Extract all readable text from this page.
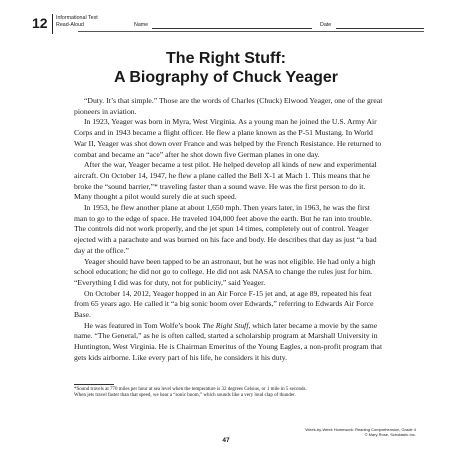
12 Informational Text
Read-Aloud	Name	Date
The Right Stuff:
A Biography of Chuck Yeager

“Duty. It’s that simple.” Those are the words of Charles (Chuck) Elwood Yeager, one of the great pioneers in aviation.

In 1923, Yeager was born in Myra, West Virginia. As a young man he joined the U.S. Army Air Corps and in 1943 became a flight officer. He flew a plane known as the P-51 Mustang. In World War II, Yeager was shot down over France and was helped by the French Resistance. He returned to combat and became an “ace” after he shot down five German planes in one day.

After the war, Yeager became a test pilot. He helped develop all kinds of new and experimental aircraft. On October 14, 1947, he flew a plane called the Bell X-1 at Mach 1. This means that he broke the “sound barrier,”* traveling faster than a sound wave. He was the first person to do it. Many thought a pilot would surely die at such speed.

In 1953, he flew another plane at about 1,650 mph. Then years later, in 1963, he was the first man to go to the edge of space. He traveled 104,000 feet above the earth. But he ran into trouble. The controls did not work properly, and the jet spun 14 times, completely out of control. Yeager ejected with a parachute and was burned on his face and body. He describes that day as just “a bad day at the office.”

Yeager should have been tapped to be an astronaut, but he was not eligible. He had only a high school education; he did not go to college. He did not ask NASA to change the rules just for him. “Everything I did was for duty, not for publicity,” said Yeager.

On October 14, 2012, Yeager hopped in an Air Force F-15 jet and, at age 89, repeated his feat from 65 years ago. He called it “a big sonic boom over Edwards,” referring to Edwards Air Force Base.

He was featured in Tom Wolfe’s book The Right Stuff, which later became a movie by the same name. “The General,” as he is often called, started a scholarship program at Marshall University in Huntington, West Virginia. He is Chairman Emeritus of the Young Eagles, a non-profit program that gets kids airborne. Like every part of his life, he considers it his duty.

*Sound travels at 770 miles per hour at sea level when the temperature is 32 degrees Celsius, or 1 mile in 5 seconds.
When jets travel faster than that speed, we hear a “sonic boom,” which sounds like a very loud clap of thunder.
Week-by-Week Homework: Reading Comprehension, Grade 4
© Mary Rose, Scholastic Inc.
47
